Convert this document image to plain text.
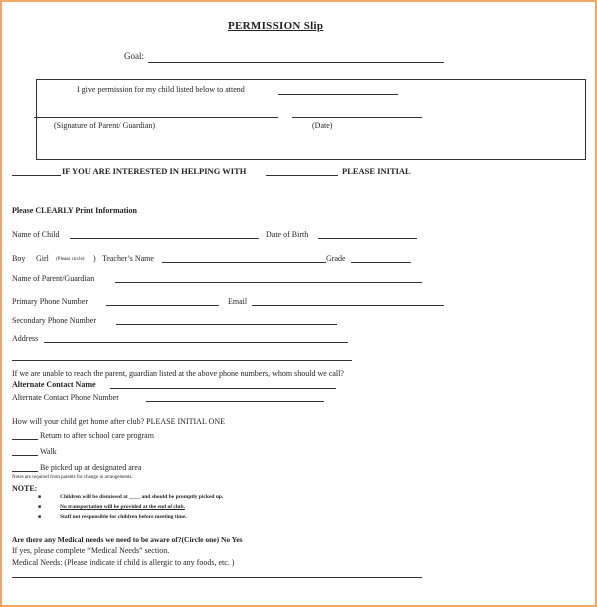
PERMISSION Slip
Goal:
I give permission for my child listed below to attend
(Signature of Parent/ Guardian)	(Date)
IF YOU ARE INTERESTED IN HELPING WITH	PLEASE INITIAL
Please CLEARLY Print Information
Name of Child	Date of Birth
Boy Girl (Please circle) ) Teacher’s Name	Grade
Name of Parent/Guardian
Primary Phone Number	Email
Secondary Phone Number
Address
If we are unable to reach the parent, guardian listed at the above phone numbers, whom should we call?
Alternate Contact Name
Alternate Contact Phone Number
How will your child get home after club? PLEASE INITIAL ONE
Return to after school care program
Walk
Be picked up at designated area
Notes are required from parents for change in arrangements.
NOTE:
■	Children will be dismissed at ____ and should be promptly picked up.
■	No transportation will be provided at the end of club.
■	Staff not responsible for children before meeting time.
Are there any Medical needs we need to be aware of?(Circle one) No Yes
If yes, please complete “Medical Needs” section.
Medical Needs: (Please indicate if child is allergic to any foods, etc. )
